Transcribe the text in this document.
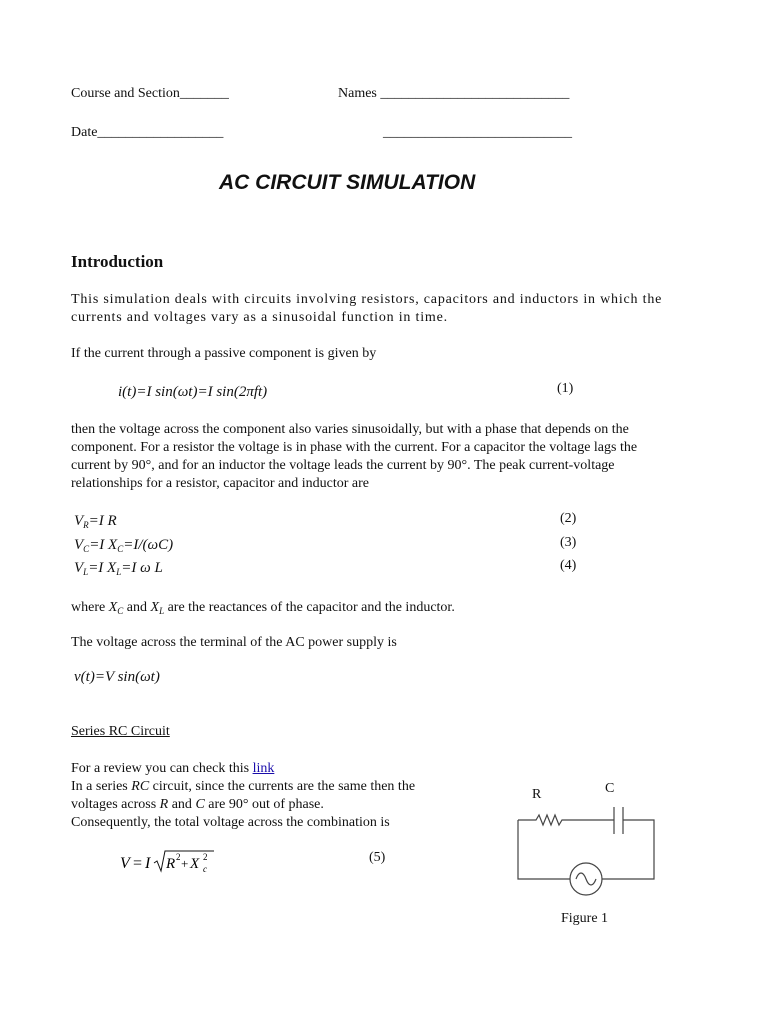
Course and Section_______	Names ___________________________
Date__________________	___________________________
AC CIRCUIT SIMULATION
Introduction
This simulation deals with circuits involving resistors, capacitors and inductors in which the
currents and voltages vary as a sinusoidal function in time.
If the current through a passive component is given by
i(t)=I sin(ωt)=I sin(2πft)	(1)
then the voltage across the component also varies sinusoidally, but with a phase that depends on the
component. For a resistor the voltage is in phase with the current. For a capacitor the voltage lags the
current by 90°, and for an inductor the voltage leads the current by 90°. The peak current-voltage
relationships for a resistor, capacitor and inductor are
$V_R=I$ R	(2)
$V_C=I$ $X_C=I/(\omega C)$	(3)
$V_L=I$ $X_L=I$ ω L	(4)
where $X_C$ and $X_L$ are the reactances of the capacitor and the inductor.
The voltage across the terminal of the AC power supply is
v(t)=V sin(ωt)
Series RC Circuit
For a review you can check this link
In a series RC circuit, since the currents are the same then the
voltages across R and C are 90° out of phase.
Consequently, the total voltage across the combination is
V = I R 2 + X 2
c
(5)
R	C
Figure 1
